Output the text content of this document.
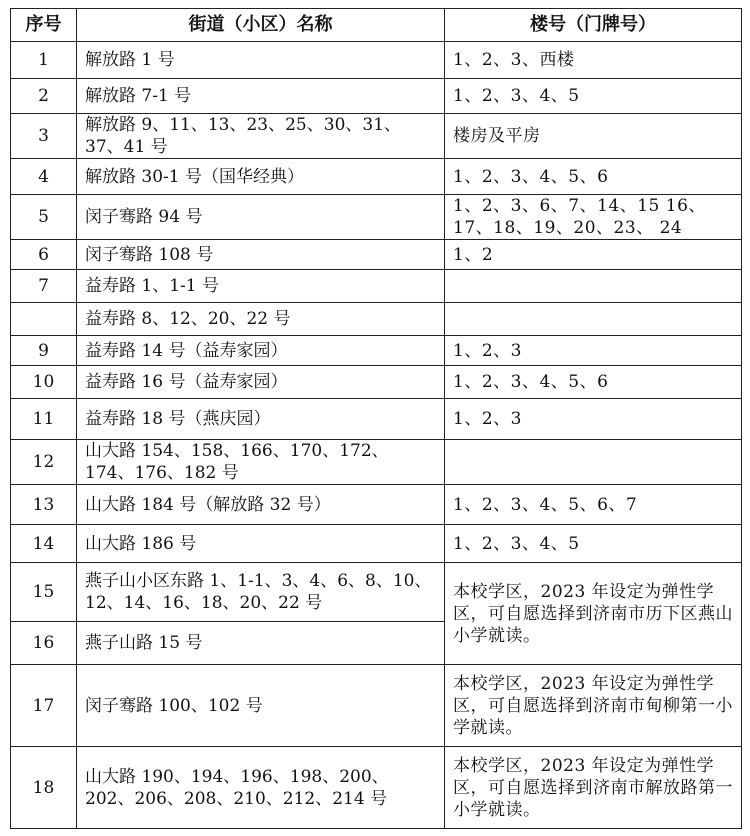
序号	街道（小区）名称	楼号（门牌号）
1	解放路 1 号	1、2、3、西楼
2	解放路 7-1 号	1、2、3、4、5
3	解放路 9、11、13、23、25、30、31、37、41 号	楼房及平房
4	解放路 30-1 号（国华经典）	1、2、3、4、5、6
5	闵子骞路 94 号	1、2、3、6、7、14、15 16、17、18、19、20、23、 24
6	闵子骞路 108 号	1、2
7	益寿路 1、1-1 号	
	益寿路 8、12、20、22 号	
9	益寿路 14 号（益寿家园）	1、2、3
10	益寿路 16 号（益寿家园）	1、2、3、4、5、6
11	益寿路 18 号（燕庆园）	1、2、3
12	山大路 154、158、166、170、172、174、176、182 号	
13	山大路 184 号（解放路 32 号）	1、2、3、4、5、6、7
14	山大路 186 号	1、2、3、4、5
15	燕子山小区东路 1、1-1、3、4、6、8、10、12、14、16、18、20、22 号	本校学区，2023 年设定为弹性学区，可自愿选择到济南市历下区燕山小学就读。
16	燕子山路 15 号	
17	闵子骞路 100、102 号	本校学区，2023 年设定为弹性学区，可自愿选择到济南市甸柳第一小学就读。
18	山大路 190、194、196、198、200、202、206、208、210、212、214 号	本校学区，2023 年设定为弹性学区，可自愿选择到济南市解放路第一小学就读。
